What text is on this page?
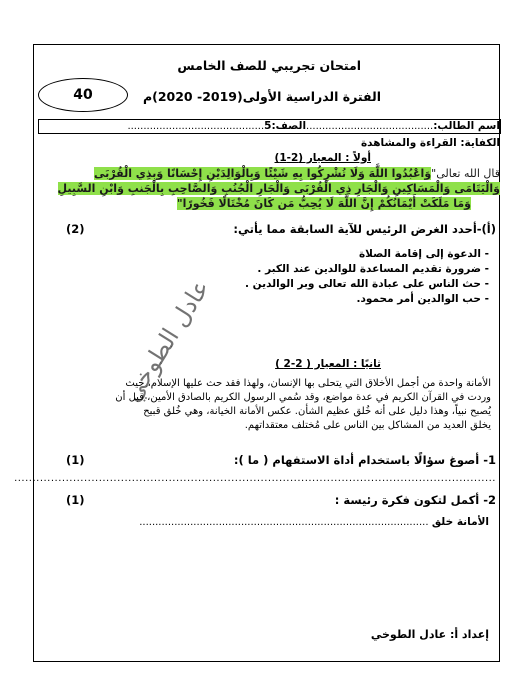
امتحان تجريبي للصف الخامس
الفترة الدراسية الأولى(2019- 2020)م
40
اسم الطالب:........................................الصف:5...........................................
الكفاية: القراءة والمشاهدة
أولاً : المعيار (2-1)
قال الله تعالى"وَاعْبُدُوا اللَّهَ وَلَا تُشْرِكُوا بِهِ شَيْئًا وَبِالْوَالِدَيْنِ إِحْسَانًا وَبِذِي الْقُرْبَى
وَالْيَتَامَى وَالْمَسَاكِينِ وَالْجَارِ ذِي الْقُرْبَى وَالْجَارِ الْجُنُبِ وَالصَّاحِبِ بِالْجَنبِ وَابْنِ السَّبِيلِ
وَمَا مَلَكَتْ أَيْمَانُكُمْ إِنَّ اللَّهَ لَا يُحِبُّ مَن كَانَ مُخْتَالًا فَخُورًا"
(أ)-أحدد الغرض الرئيس للآية السابقة مما يأتي:
(2)
- الدعوة إلى إقامة الصلاة
- ضرورة تقديم المساعدة للوالدين عند الكبر .
- حث الناس على عبادة الله تعالى وبر الوالدين .
- حب الوالدين أمر محمود.
عادل الطوخي	ثانيًا : المعيار ( 2-2 )
الأمانة واحدة من أجمل الأخلاق التي يتحلى بها الإنسان، ولهذا فقد حث عليها الإسلام، حيث
وردت في القرآن الكريم في عدة مواضع، وقد سُمي الرسول الكريم بالصادق الأمين، قبل أن
يُصبح نبياً، وهذا دليل على أنه خُلق عظيم الشأن. عكس الأمانة الخيانة، وهي خُلق قبيح
يخلق العديد من المشاكل بين الناس على مُختلف معتقداتهم.
1- أصوغ سؤالًا باستخدام أداة الاستفهام ( ما ):
(1)
...................................................................................................................................
2- أكمل لتكون فكرة رئيسة :
(1)
الأمانة خلق ...........................................................................................
إعداد أ: عادل الطوخي
